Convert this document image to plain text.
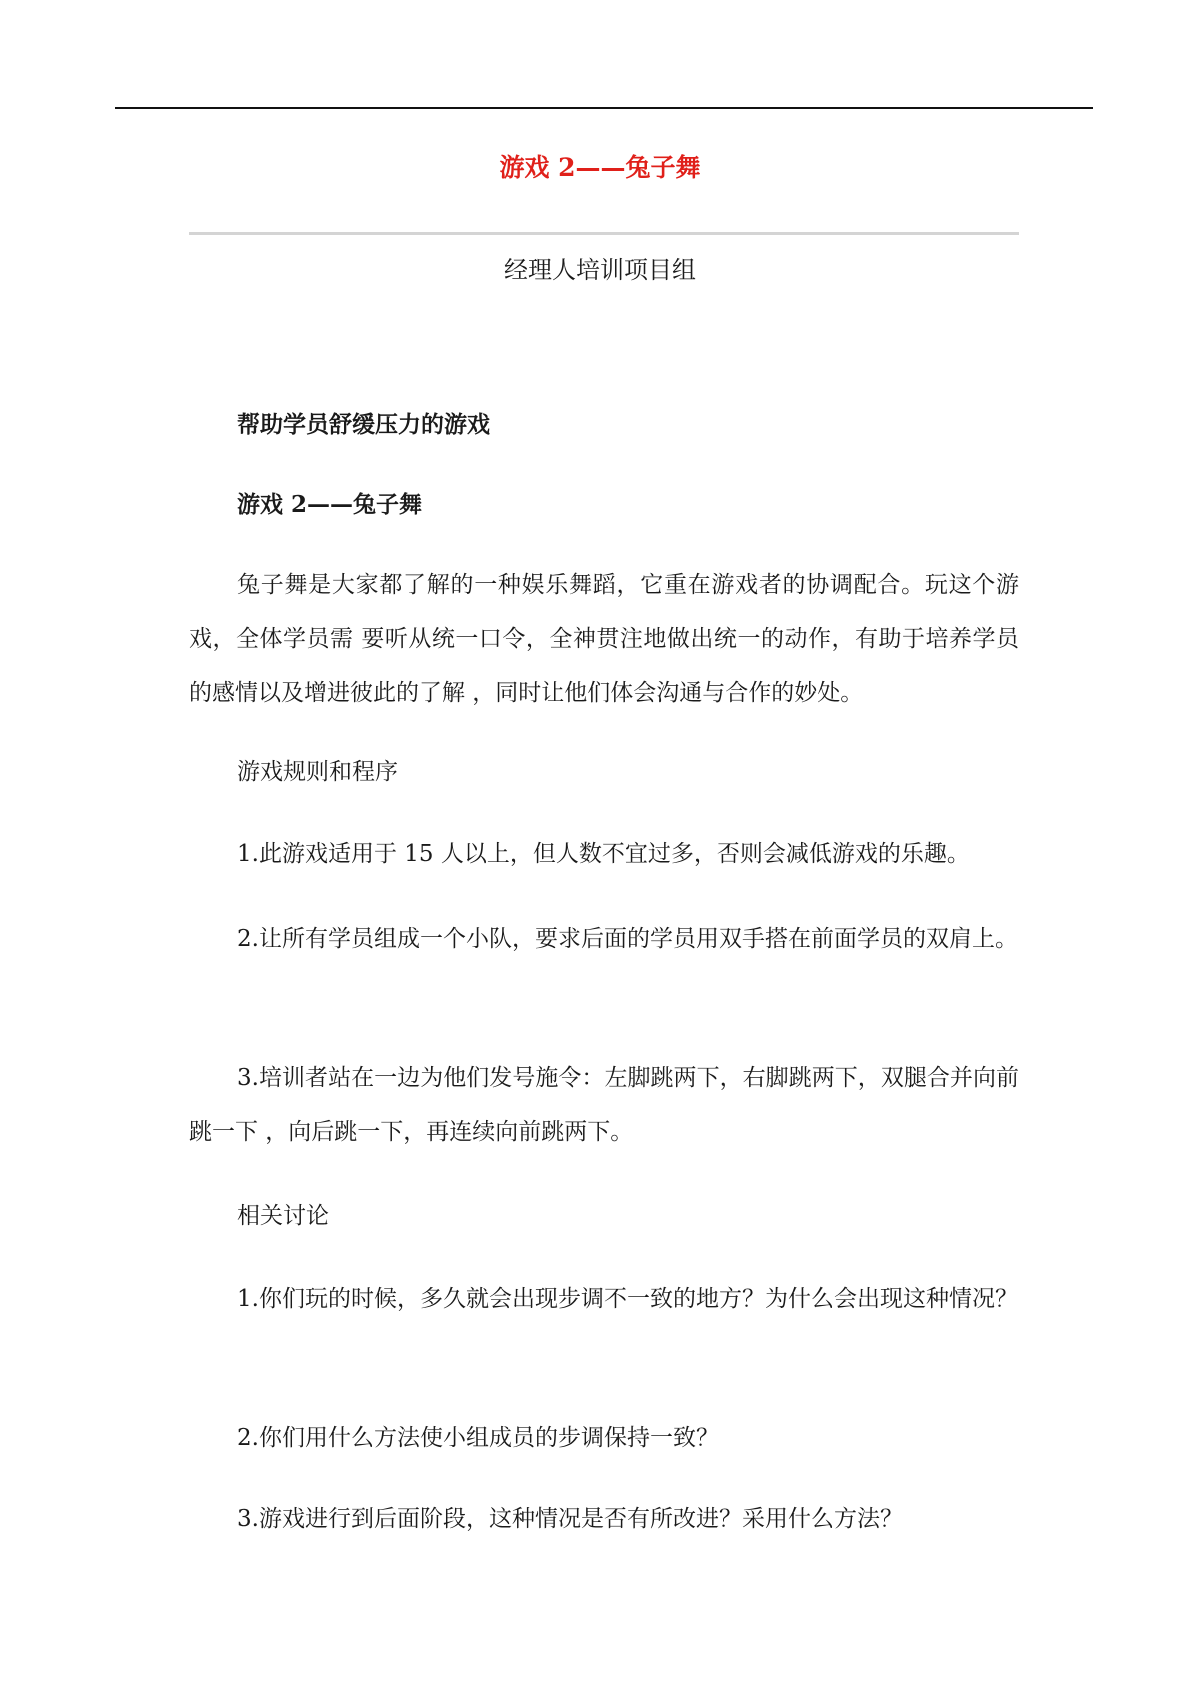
游戏 2——兔子舞
经理人培训项目组

帮助学员舒缓压力的游戏

游戏 2——兔子舞

兔子舞是大家都了解的一种娱乐舞蹈，它重在游戏者的协调配合。玩这个游戏，全体学员需 要听从统一口令，全神贯注地做出统一的动作，有助于培养学员的感情以及增进彼此的了解 ，同时让他们体会沟通与合作的妙处。

游戏规则和程序

1.此游戏适用于 15 人以上，但人数不宜过多，否则会减低游戏的乐趣。

2.让所有学员组成一个小队，要求后面的学员用双手搭在前面学员的双肩上。

3.培训者站在一边为他们发号施令：左脚跳两下，右脚跳两下，双腿合并向前跳一下 ，向后跳一下，再连续向前跳两下。

相关讨论

1.你们玩的时候，多久就会出现步调不一致的地方？为什么会出现这种情况？

2.你们用什么方法使小组成员的步调保持一致？

3.游戏进行到后面阶段，这种情况是否有所改进？采用什么方法？
